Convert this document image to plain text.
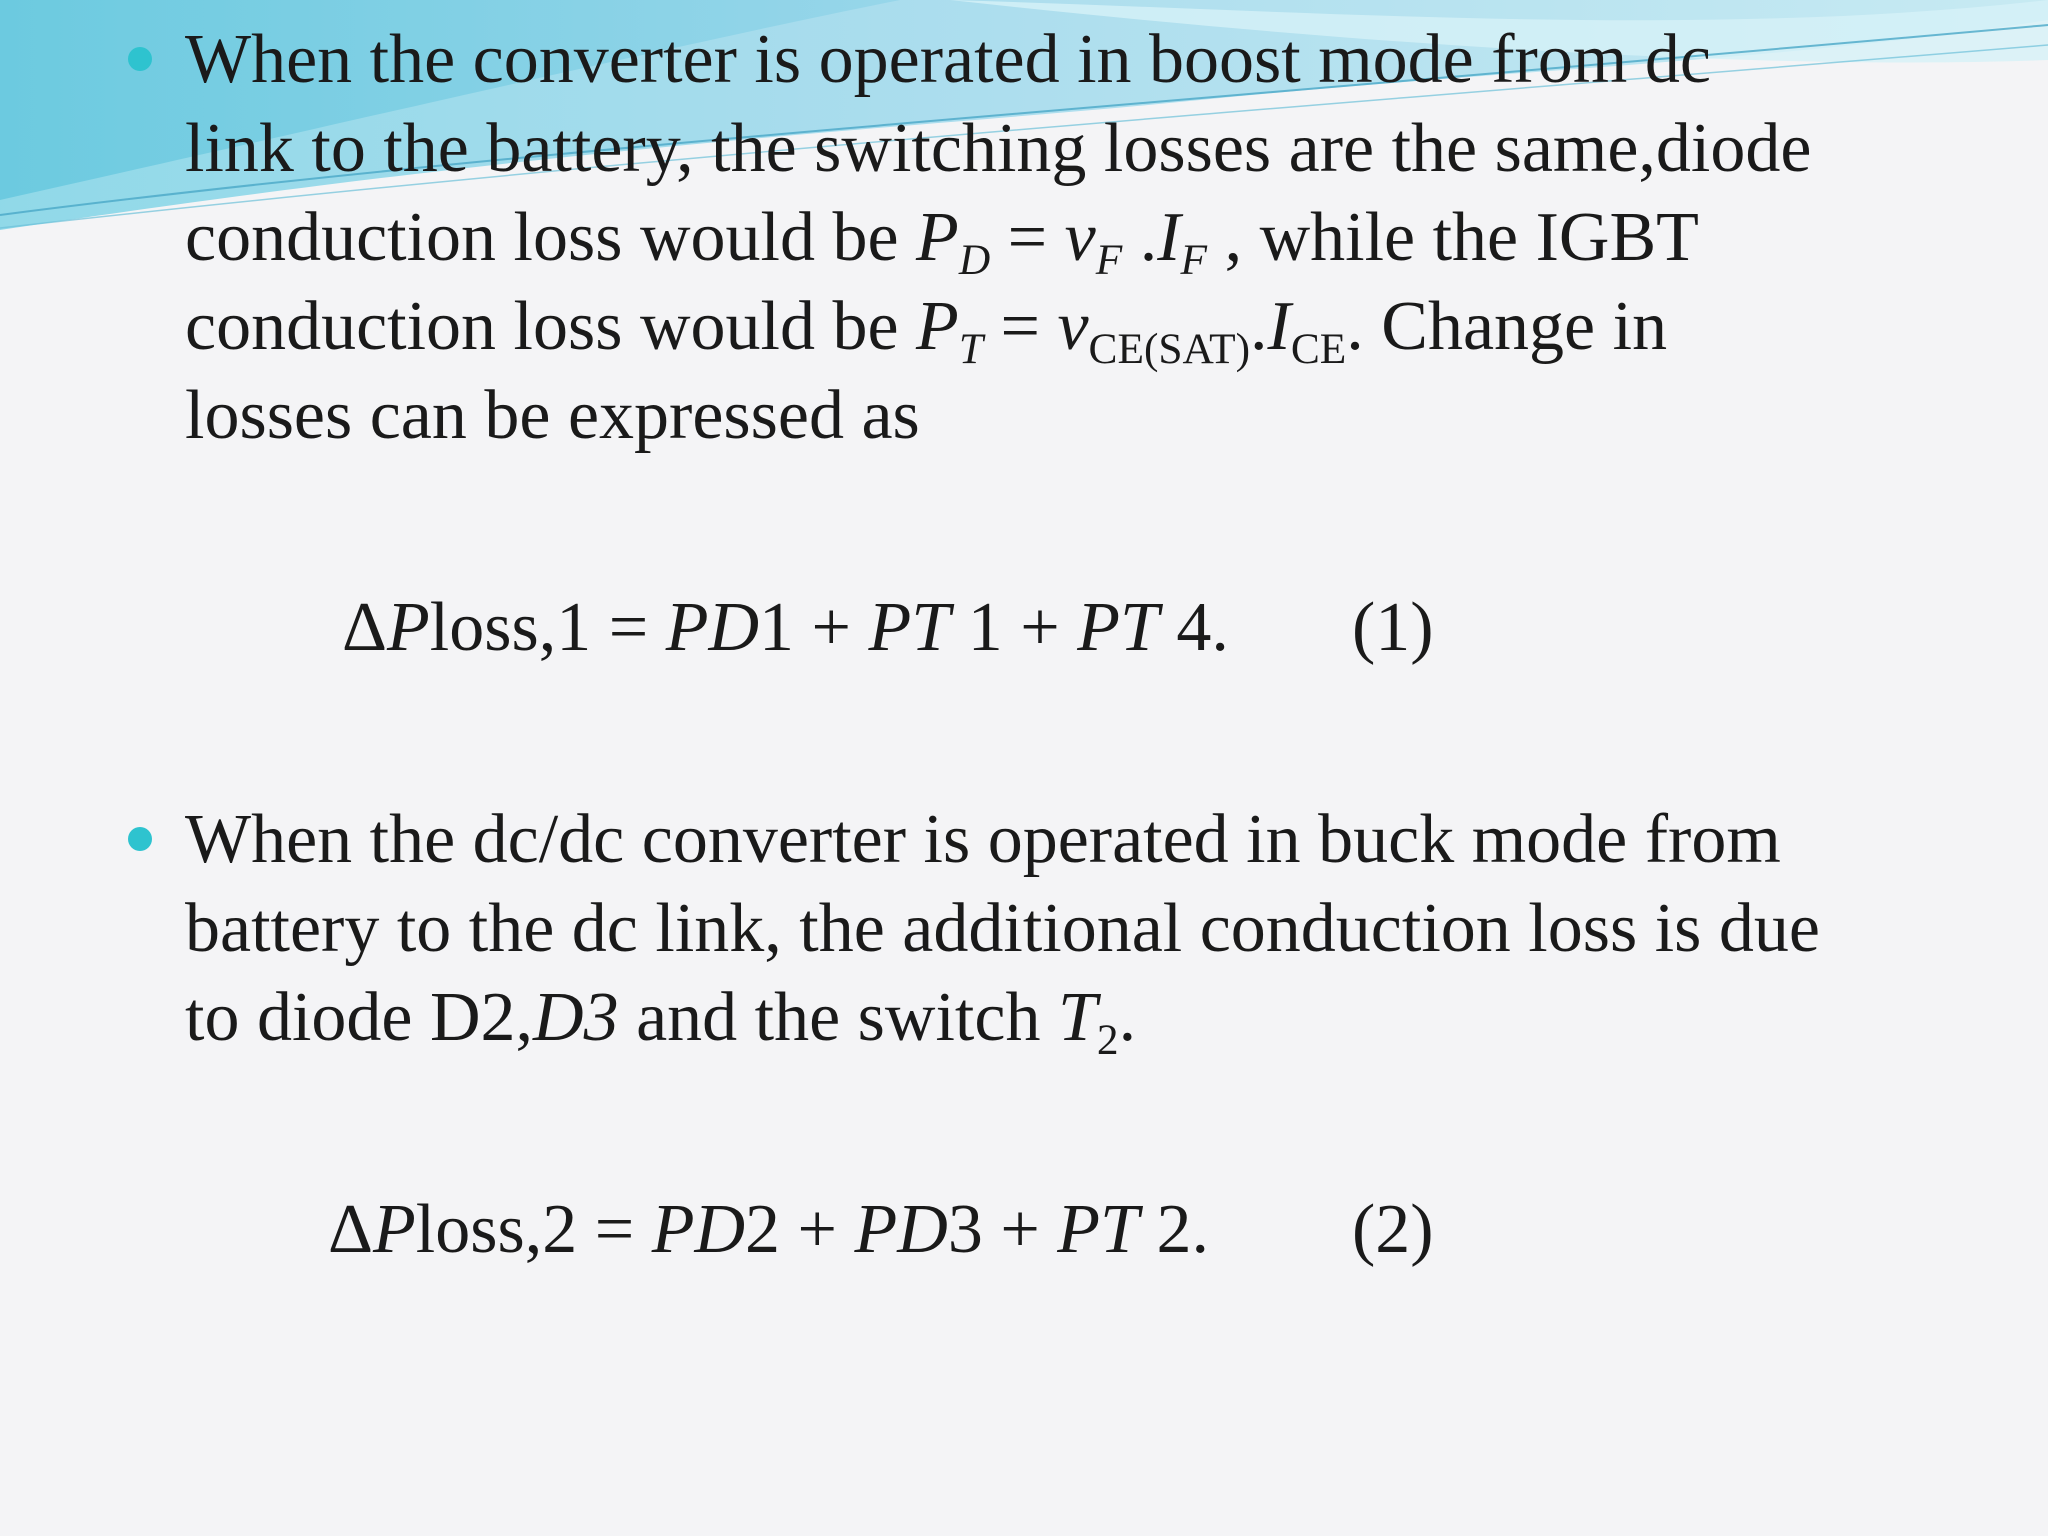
When the converter is operated in boost mode from dc
link to the battery, the switching losses are the same,diode
conduction loss would be $P_D = v_F$ $.I_F$ , while the IGBT
conduction loss would be $P_T = v_{CE(SAT)}.I_{CE}$. Change in
losses can be expressed as

ΔPloss,1 = PD1 + PT 1 + PT 4. (1)

When the dc/dc converter is operated in buck mode from
battery to the dc link, the additional conduction loss is due
to diode D2,D3 and the switch $T_2$.

ΔPloss,2 = PD2 + PD3 + PT 2. (2)
